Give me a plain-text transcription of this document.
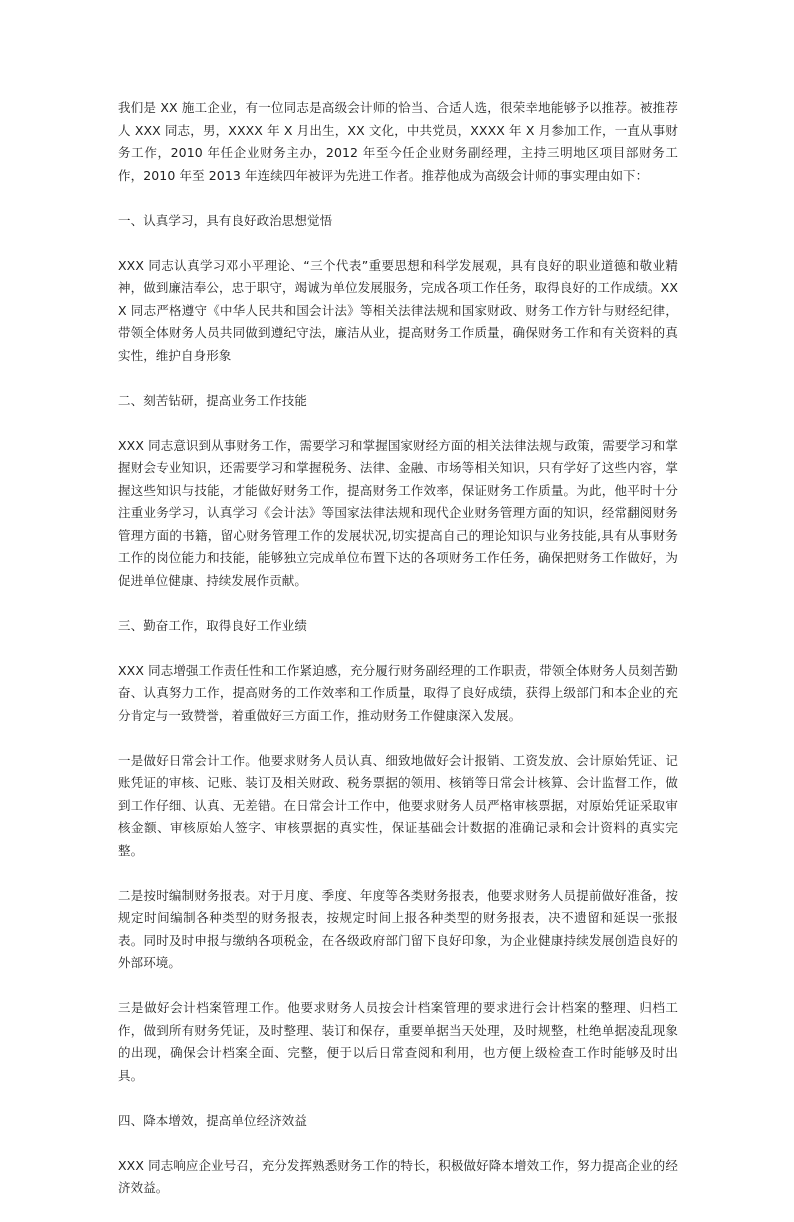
我们是 XX 施工企业，有一位同志是高级会计师的恰当、合适人选，很荣幸地能够予以推荐。被推荐人 XXX 同志，男，XXXX 年 X 月出生，XX 文化，中共党员，XXXX 年 X 月参加工作，一直从事财务工作，2010 年任企业财务主办，2012 年至今任企业财务副经理，主持三明地区项目部财务工作，2010 年至 2013 年连续四年被评为先进工作者。推荐他成为高级会计师的事实理由如下：

一、认真学习，具有良好政治思想觉悟

XXX 同志认真学习邓小平理论、“三个代表”重要思想和科学发展观，具有良好的职业道德和敬业精神，做到廉洁奉公，忠于职守，竭诚为单位发展服务，完成各项工作任务，取得良好的工作成绩。XXX 同志严格遵守《中华人民共和国会计法》等相关法律法规和国家财政、财务工作方针与财经纪律，带领全体财务人员共同做到遵纪守法，廉洁从业，提高财务工作质量，确保财务工作和有关资料的真实性，维护自身形象

二、刻苦钻研，提高业务工作技能

XXX 同志意识到从事财务工作，需要学习和掌握国家财经方面的相关法律法规与政策，需要学习和掌握财会专业知识，还需要学习和掌握税务、法律、金融、市场等相关知识，只有学好了这些内容，掌握这些知识与技能，才能做好财务工作，提高财务工作效率，保证财务工作质量。为此，他平时十分注重业务学习，认真学习《会计法》等国家法律法规和现代企业财务管理方面的知识，经常翻阅财务管理方面的书籍，留心财务管理工作的发展状况,切实提高自己的理论知识与业务技能,具有从事财务工作的岗位能力和技能，能够独立完成单位布置下达的各项财务工作任务，确保把财务工作做好，为促进单位健康、持续发展作贡献。

三、勤奋工作，取得良好工作业绩

XXX 同志增强工作责任性和工作紧迫感，充分履行财务副经理的工作职责，带领全体财务人员刻苦勤奋、认真努力工作，提高财务的工作效率和工作质量，取得了良好成绩，获得上级部门和本企业的充分肯定与一致赞誉，着重做好三方面工作，推动财务工作健康深入发展。

一是做好日常会计工作。他要求财务人员认真、细致地做好会计报销、工资发放、会计原始凭证、记账凭证的审核、记账、装订及相关财政、税务票据的领用、核销等日常会计核算、会计监督工作，做到工作仔细、认真、无差错。在日常会计工作中，他要求财务人员严格审核票据，对原始凭证采取审核金额、审核原始人签字、审核票据的真实性，保证基础会计数据的准确记录和会计资料的真实完整。

二是按时编制财务报表。对于月度、季度、年度等各类财务报表，他要求财务人员提前做好准备，按规定时间编制各种类型的财务报表，按规定时间上报各种类型的财务报表，决不遗留和延误一张报表。同时及时申报与缴纳各项税金，在各级政府部门留下良好印象，为企业健康持续发展创造良好的外部环境。

三是做好会计档案管理工作。他要求财务人员按会计档案管理的要求进行会计档案的整理、归档工作，做到所有财务凭证，及时整理、装订和保存，重要单据当天处理，及时规整，杜绝单据凌乱现象的出现，确保会计档案全面、完整，便于以后日常查阅和利用，也方便上级检查工作时能够及时出具。

四、降本增效，提高单位经济效益

XXX 同志响应企业号召，充分发挥熟悉财务工作的特长，积极做好降本增效工作，努力提高企业的经济效益。
